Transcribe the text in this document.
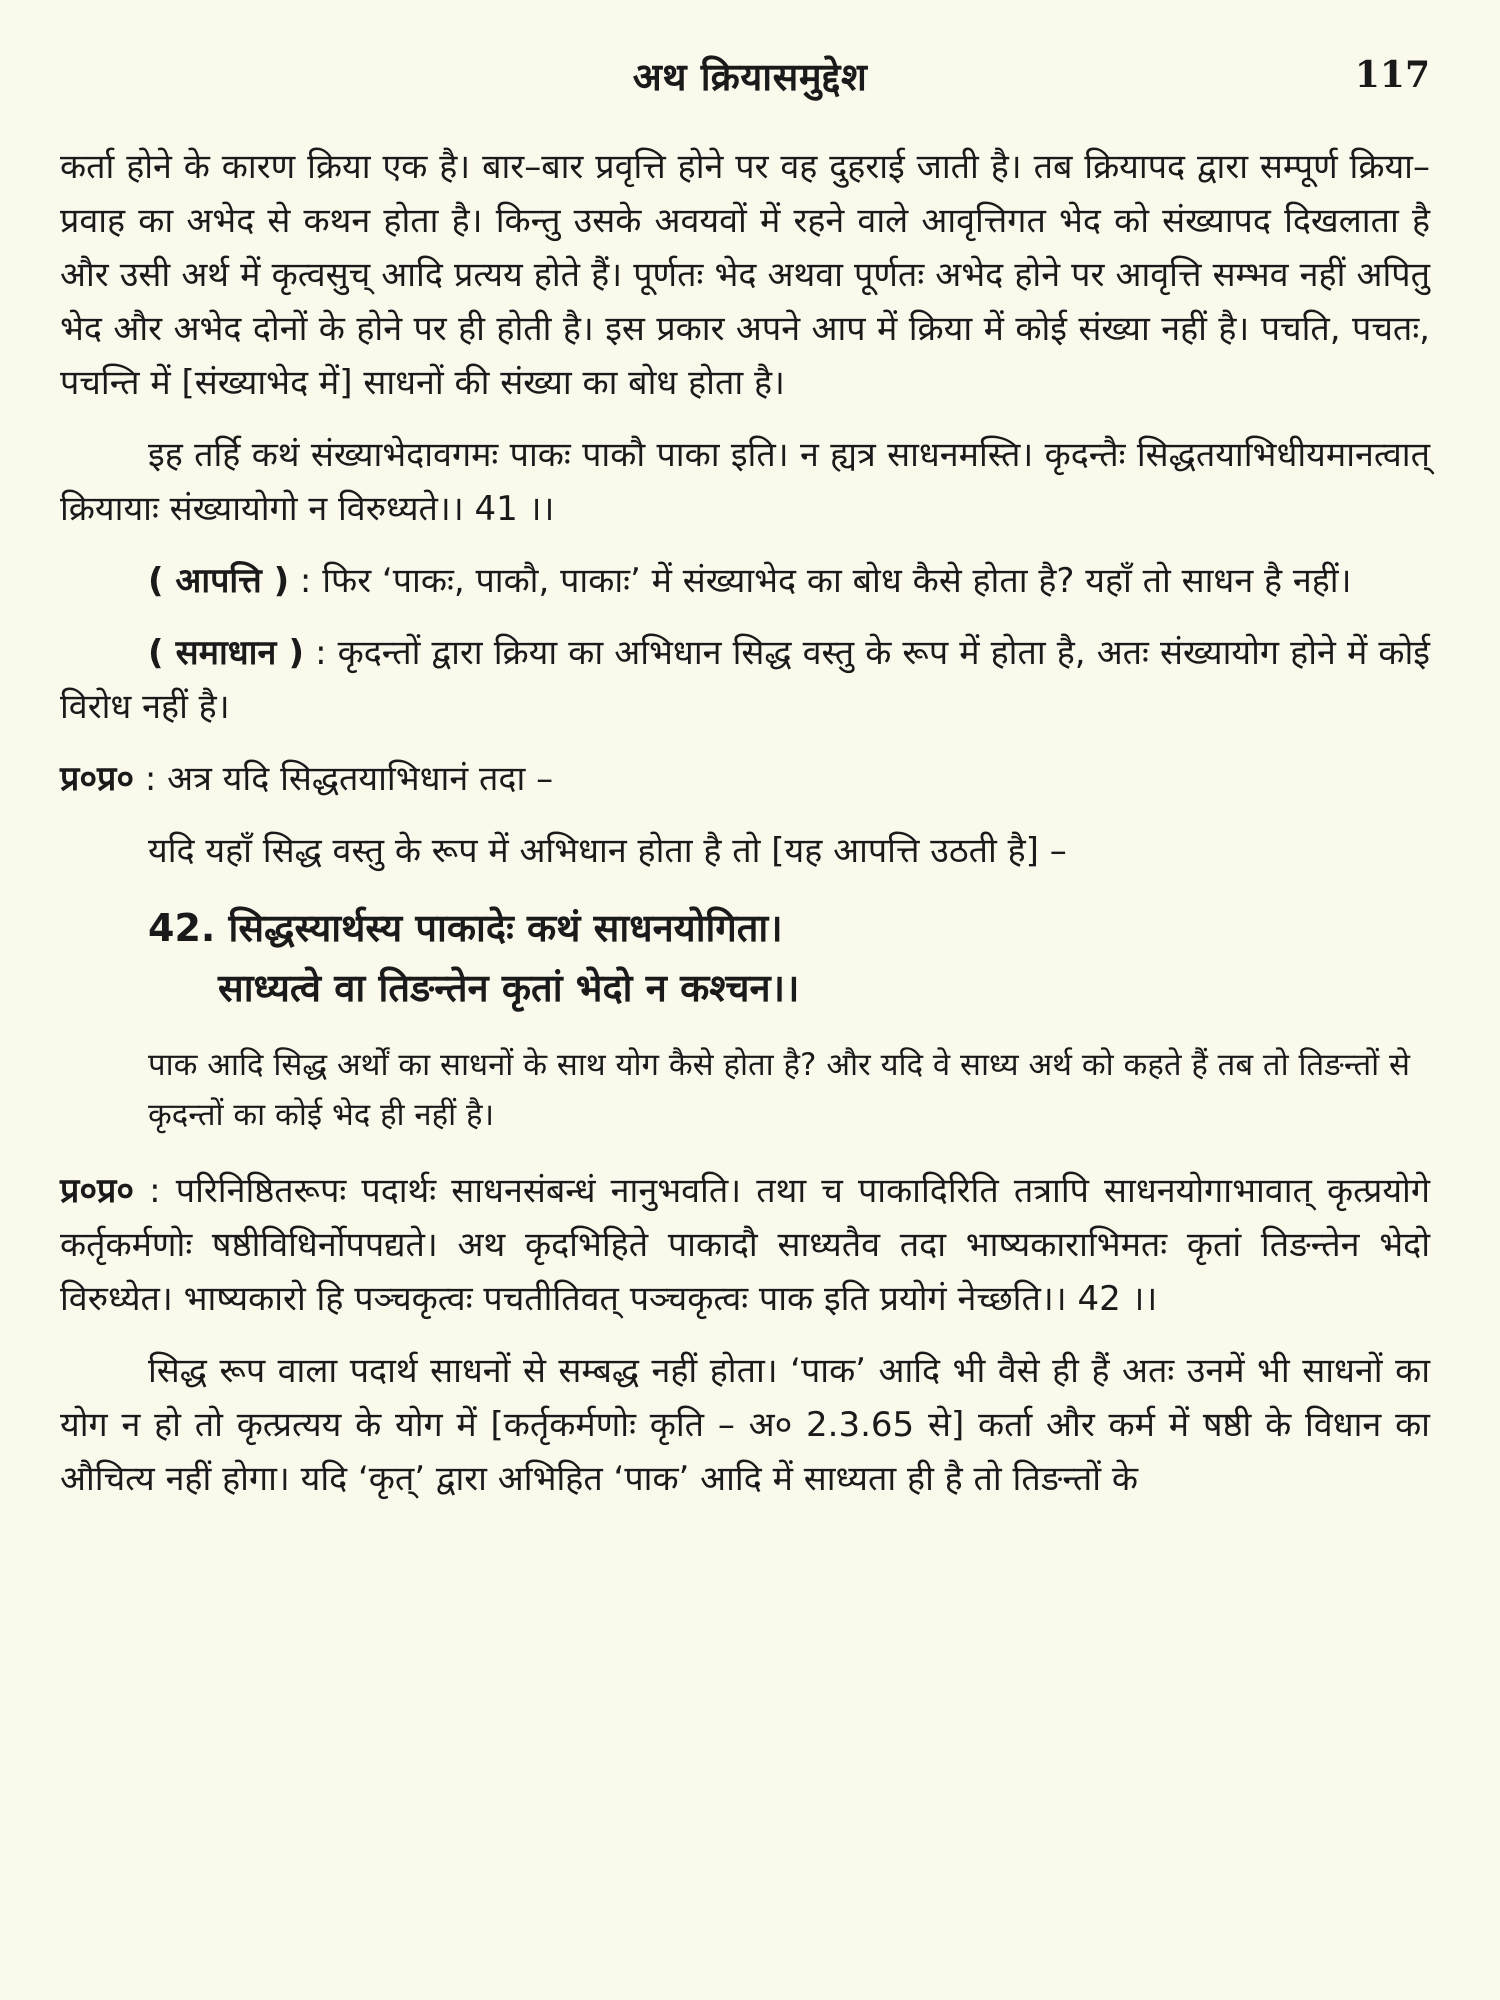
अथ क्रियासमुद्देश	117

कर्ता होने के कारण क्रिया एक है। बार–बार प्रवृत्ति होने पर वह दुहराई जाती है। तब क्रियापद द्वारा सम्पूर्ण क्रिया–प्रवाह का अभेद से कथन होता है। किन्तु उसके अवयवों में रहने वाले आवृत्तिगत भेद को संख्यापद दिखलाता है और उसी अर्थ में कृत्वसुच् आदि प्रत्यय होते हैं। पूर्णतः भेद अथवा पूर्णतः अभेद होने पर आवृत्ति सम्भव नहीं अपितु भेद और अभेद दोनों के होने पर ही होती है। इस प्रकार अपने आप में क्रिया में कोई संख्या नहीं है। पचति, पचतः, पचन्ति में [संख्याभेद में] साधनों की संख्या का बोध होता है।

इह तर्हि कथं संख्याभेदावगमः पाकः पाकौ पाका इति। न ह्यत्र साधनमस्ति। कृदन्तैः सिद्धतयाभिधीयमानत्वात् क्रियायाः संख्यायोगो न विरुध्यते।। 41 ।।

( आपत्ति ) : फिर ‘पाकः, पाकौ, पाकाः’ में संख्याभेद का बोध कैसे होता है? यहाँ तो साधन है नहीं।

( समाधान ) : कृदन्तों द्वारा क्रिया का अभिधान सिद्ध वस्तु के रूप में होता है, अतः संख्यायोग होने में कोई विरोध नहीं है।

प्र०प्र० : अत्र यदि सिद्धतयाभिधानं तदा –

यदि यहाँ सिद्ध वस्तु के रूप में अभिधान होता है तो [यह आपत्ति उठती है] –

42. सिद्धस्यार्थस्य पाकादेः कथं साधनयोगिता।
साध्यत्वे वा तिङन्तेन कृतां भेदो न कश्चन।।

पाक आदि सिद्ध अर्थों का साधनों के साथ योग कैसे होता है? और यदि वे साध्य अर्थ को कहते हैं तब तो तिङन्तों से कृदन्तों का कोई भेद ही नहीं है।

प्र०प्र० : परिनिष्ठितरूपः पदार्थः साधनसंबन्धं नानुभवति। तथा च पाकादिरिति तत्रापि साधनयोगाभावात् कृत्प्रयोगे कर्तृकर्मणोः षष्ठीविधिर्नोपपद्यते। अथ कृदभिहिते पाकादौ साध्यतैव तदा भाष्यकाराभिमतः कृतां तिङन्तेन भेदो विरुध्येत। भाष्यकारो हि पञ्चकृत्वः पचतीतिवत् पञ्चकृत्वः पाक इति प्रयोगं नेच्छति।। 42 ।।

सिद्ध रूप वाला पदार्थ साधनों से सम्बद्ध नहीं होता। ‘पाक’ आदि भी वैसे ही हैं अतः उनमें भी साधनों का योग न हो तो कृत्प्रत्यय के योग में [कर्तृकर्मणोः कृति – अ० 2.3.65 से] कर्ता और कर्म में षष्ठी के विधान का औचित्य नहीं होगा। यदि ‘कृत्’ द्वारा अभिहित ‘पाक’ आदि में साध्यता ही है तो तिङन्तों के
